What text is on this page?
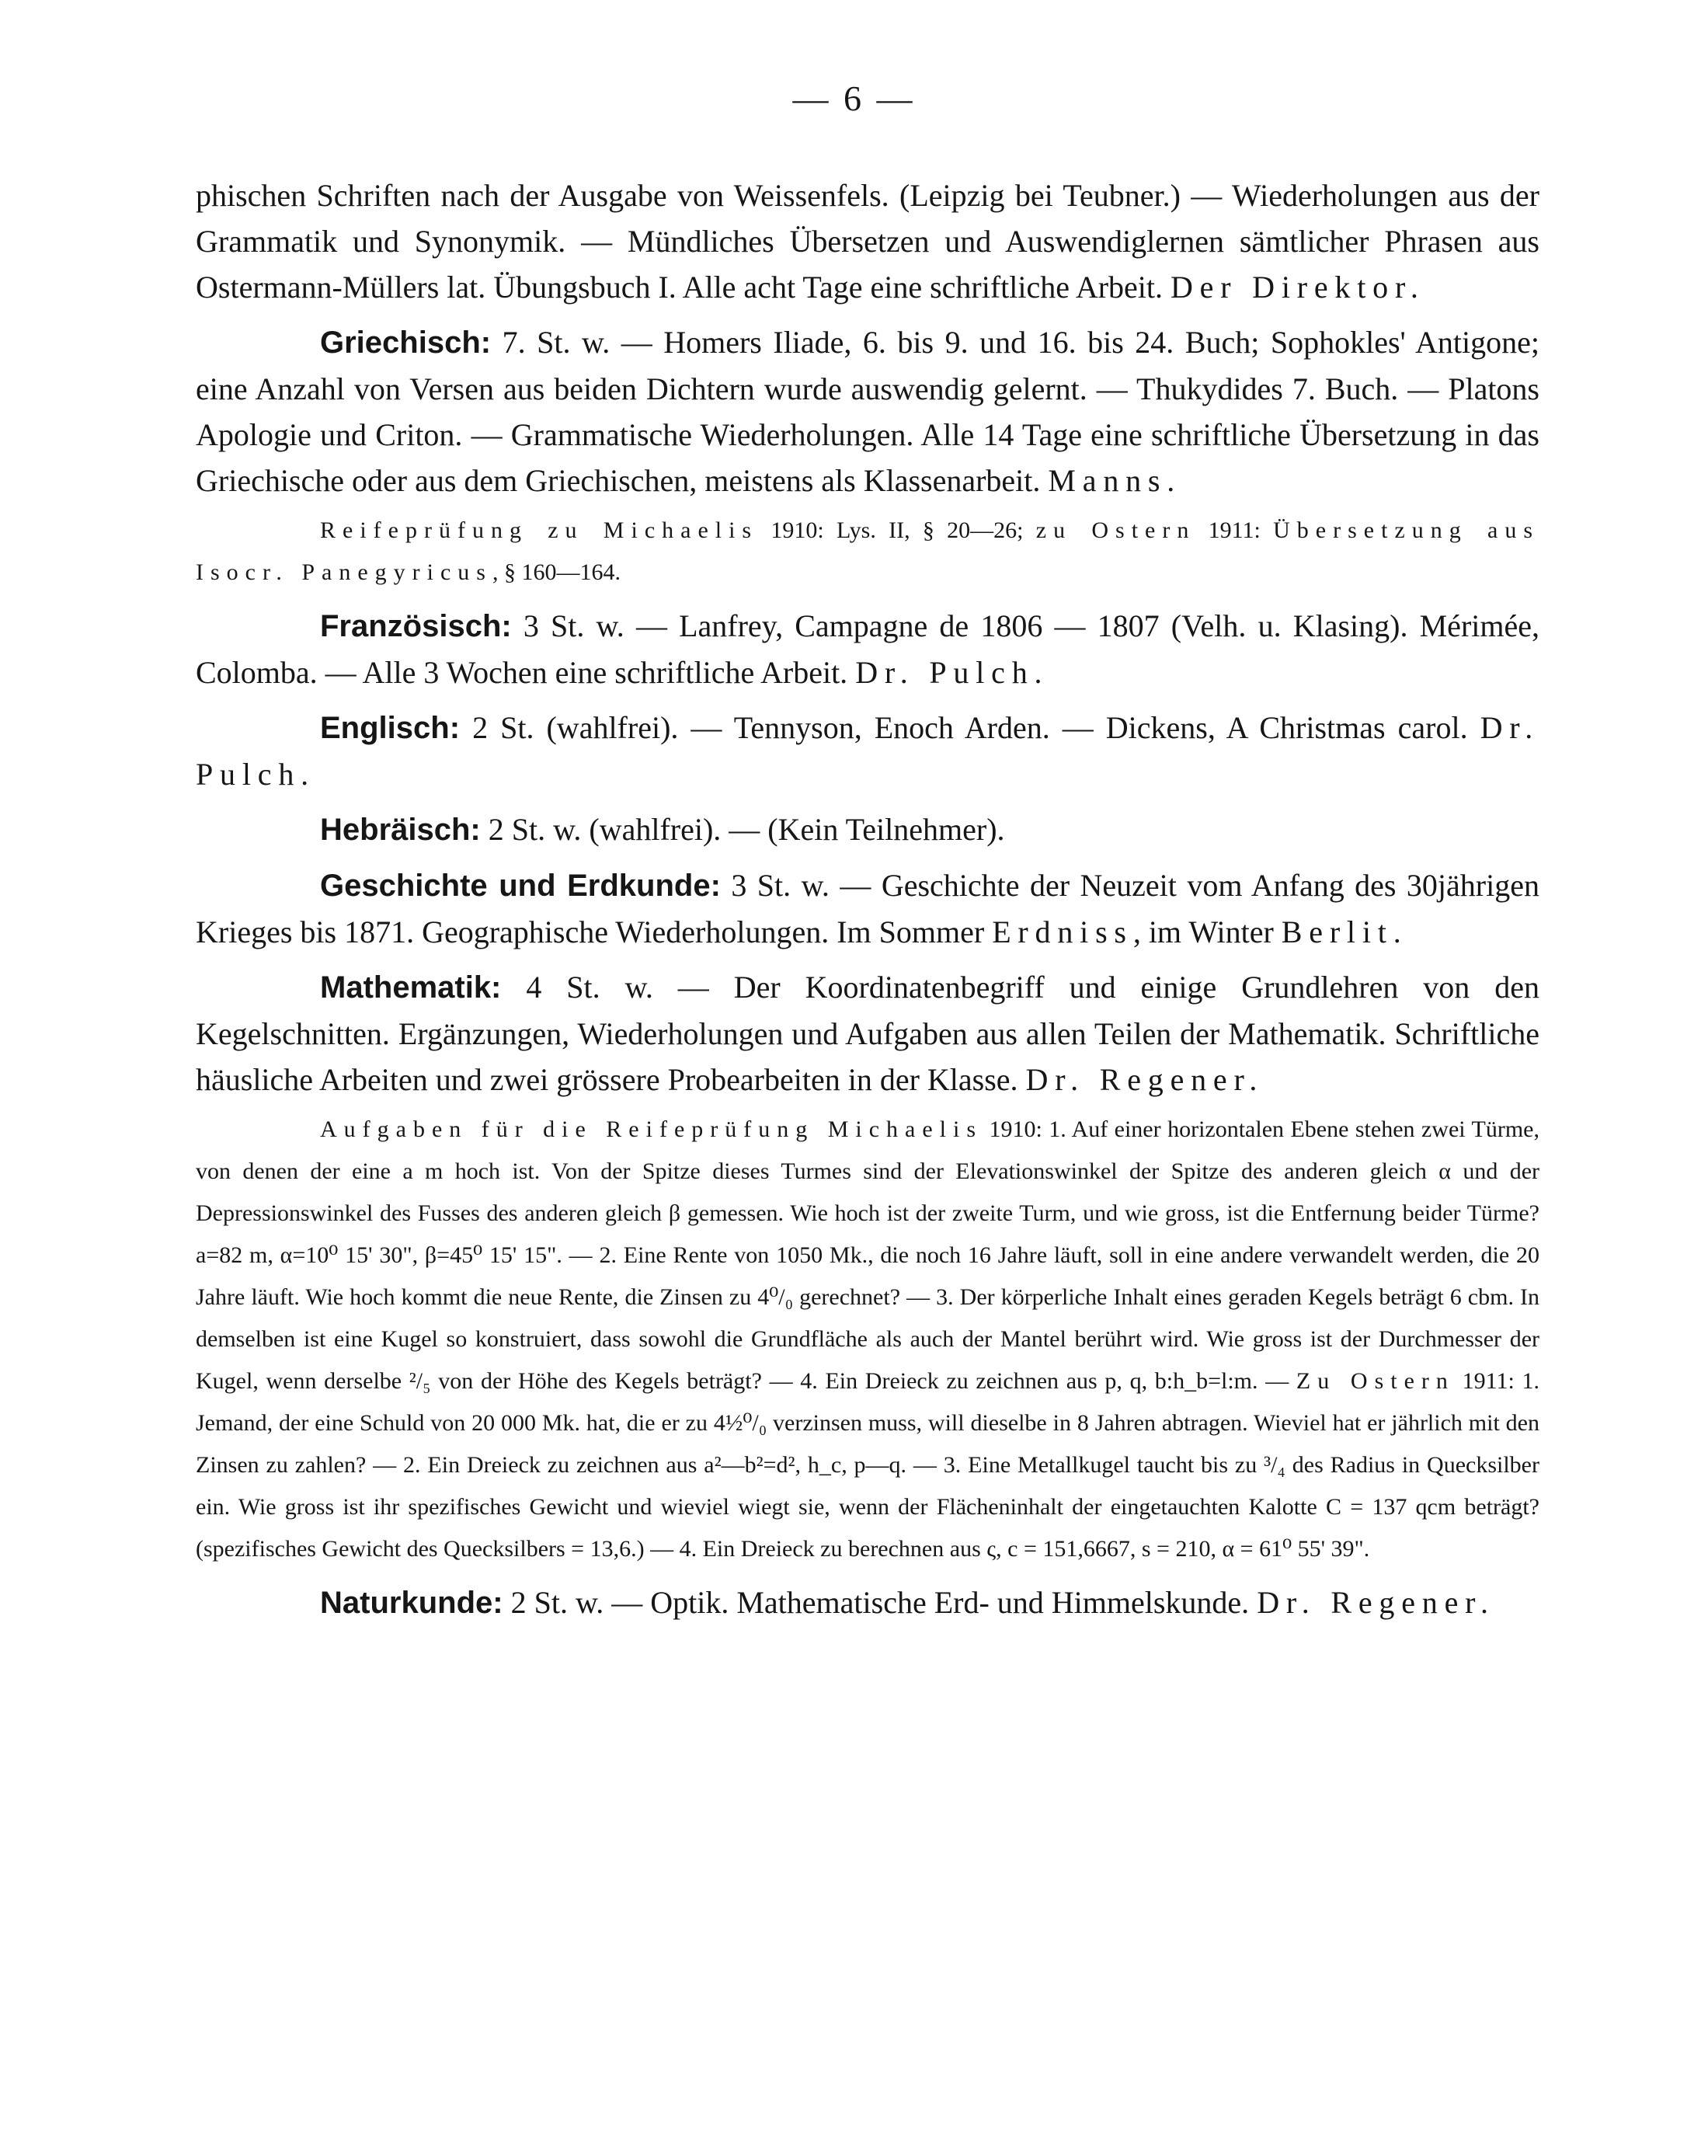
— 6 —

phischen Schriften nach der Ausgabe von Weissenfels. (Leipzig bei Teubner.) — Wiederholungen aus der Grammatik und Synonymik. — Mündliches Übersetzen und Auswendiglernen sämtlicher Phrasen aus Ostermann-Müllers lat. Übungsbuch I. Alle acht Tage eine schriftliche Arbeit. Der Direktor.

Griechisch: 7. St. w. — Homers Iliade, 6. bis 9. und 16. bis 24. Buch; Sophokles' Antigone; eine Anzahl von Versen aus beiden Dichtern wurde auswendig gelernt. — Thukydides 7. Buch. — Platons Apologie und Criton. — Grammatische Wiederholungen. Alle 14 Tage eine schriftliche Übersetzung in das Griechische oder aus dem Griechischen, meistens als Klassenarbeit. Manns.

Reifeprüfung zu Michaelis 1910: Lys. II, § 20—26; zu Ostern 1911: Übersetzung aus Isocr. Panegyricus, § 160—164.

Französisch: 3 St. w. — Lanfrey, Campagne de 1806 — 1807 (Velh. u. Klasing). Mérimée, Colomba. — Alle 3 Wochen eine schriftliche Arbeit. Dr. Pulch.

Englisch: 2 St. (wahlfrei). — Tennyson, Enoch Arden. — Dickens, A Christmas carol. Dr. Pulch.

Hebräisch: 2 St. w. (wahlfrei). — (Kein Teilnehmer).

Geschichte und Erdkunde: 3 St. w. — Geschichte der Neuzeit vom Anfang des 30jährigen Krieges bis 1871. Geographische Wiederholungen. Im Sommer Erdniss, im Winter Berlit.

Mathematik: 4 St. w. — Der Koordinatenbegriff und einige Grundlehren von den Kegelschnitten. Ergänzungen, Wiederholungen und Aufgaben aus allen Teilen der Mathematik. Schriftliche häusliche Arbeiten und zwei grössere Probearbeiten in der Klasse. Dr. Regener.

Aufgaben für die Reifeprüfung Michaelis 1910: 1. Auf einer horizontalen Ebene stehen zwei Türme, von denen der eine a m hoch ist. Von der Spitze dieses Turmes sind der Elevationswinkel der Spitze des anderen gleich α und der Depressionswinkel des Fusses des anderen gleich β gemessen. Wie hoch ist der zweite Turm, und wie gross, ist die Entfernung beider Türme? a=82 m, α=10⁰ 15' 30", β=45⁰ 15' 15". — 2. Eine Rente von 1050 Mk., die noch 16 Jahre läuft, soll in eine andere verwandelt werden, die 20 Jahre läuft. Wie hoch kommt die neue Rente, die Zinsen zu 4⁰/₀ gerechnet? — 3. Der körperliche Inhalt eines geraden Kegels beträgt 6 cbm. In demselben ist eine Kugel so konstruiert, dass sowohl die Grundfläche als auch der Mantel berührt wird. Wie gross ist der Durchmesser der Kugel, wenn derselbe ²/₅ von der Höhe des Kegels beträgt? — 4. Ein Dreieck zu zeichnen aus p, q, b:h_b=l:m. — Zu Ostern 1911: 1. Jemand, der eine Schuld von 20 000 Mk. hat, die er zu 4½⁰/₀ verzinsen muss, will dieselbe in 8 Jahren abtragen. Wieviel hat er jährlich mit den Zinsen zu zahlen? — 2. Ein Dreieck zu zeichnen aus a²—b²=d², h_c, p—q. — 3. Eine Metallkugel taucht bis zu ³/₄ des Radius in Quecksilber ein. Wie gross ist ihr spezifisches Gewicht und wieviel wiegt sie, wenn der Flächeninhalt der eingetauchten Kalotte C = 137 qcm beträgt? (spezifisches Gewicht des Quecksilbers = 13,6.) — 4. Ein Dreieck zu berechnen aus ς, c = 151,6667, s = 210, α = 61⁰ 55' 39".

Naturkunde: 2 St. w. — Optik. Mathematische Erd- und Himmelskunde. Dr. Regener.
